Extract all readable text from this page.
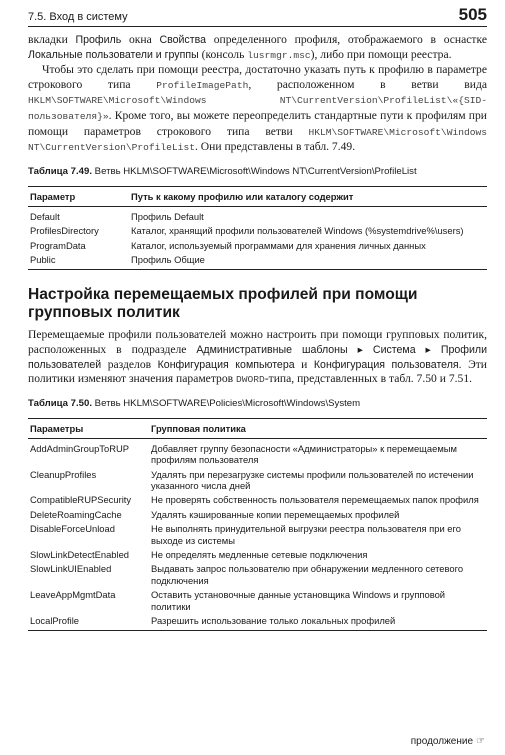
7.5. Вход в систему	505

вкладки Профиль окна Свойства определенного профиля, отображаемого в оснастке Локальные пользователи и группы (консоль lusrmgr.msc), либо при помощи реестра.

Чтобы это сделать при помощи реестра, достаточно указать путь к профилю в параметре строкового типа ProfileImagePath, расположенном в ветви вида HKLM\SOFTWARE\Microsoft\Windows NT\CurrentVersion\ProfileList\«{SID-пользователя}». Кроме того, вы можете переопределить стандартные пути к профилям при помощи параметров строкового типа ветви HKLM\SOFTWARE\Microsoft\Windows NT\CurrentVersion\ProfileList. Они представлены в табл. 7.49.

Таблица 7.49. Ветвь HKLM\SOFTWARE\Microsoft\Windows NT\CurrentVersion\ProfileList
Параметр	Путь к какому профилю или каталогу содержит
Default	Профиль Default
ProfilesDirectory	Каталог, хранящий профили пользователей Windows (%systemdrive%\users)
ProgramData	Каталог, используемый программами для хранения личных данных
Public	Профиль Общие
Настройка перемещаемых профилей при помощи групповых политик

Перемещаемые профили пользователей можно настроить при помощи групповых политик, расположенных в подразделе Административные шаблоны ▸ Система ▸ Профили пользователей разделов Конфигурация компьютера и Конфигурация пользователя. Эти политики изменяют значения параметров DWORD-типа, представленных в табл. 7.50 и 7.51.

Таблица 7.50. Ветвь HKLM\SOFTWARE\Policies\Microsoft\Windows\System
Параметры	Групповая политика
AddAdminGroupToRUP	Добавляет группу безопасности «Администраторы» к перемещаемым профилям пользователя
CleanupProfiles	Удалять при перезагрузке системы профили пользователей по истечении указанного числа дней
CompatibleRUPSecurity	Не проверять собственность пользователя перемещаемых папок профиля
DeleteRoamingCache	Удалять кэшированные копии перемещаемых профилей
DisableForceUnload	Не выполнять принудительной выгрузки реестра пользователя при его выходе из системы
SlowLinkDetectEnabled	Не определять медленные сетевые подключения
SlowLinkUIEnabled	Выдавать запрос пользователю при обнаружении медленного сетевого подключения
LeaveAppMgmtData	Оставить установочные данные установщика Windows и групповой политики
LocalProfile	Разрешить использование только локальных профилей
продолжение ☞
